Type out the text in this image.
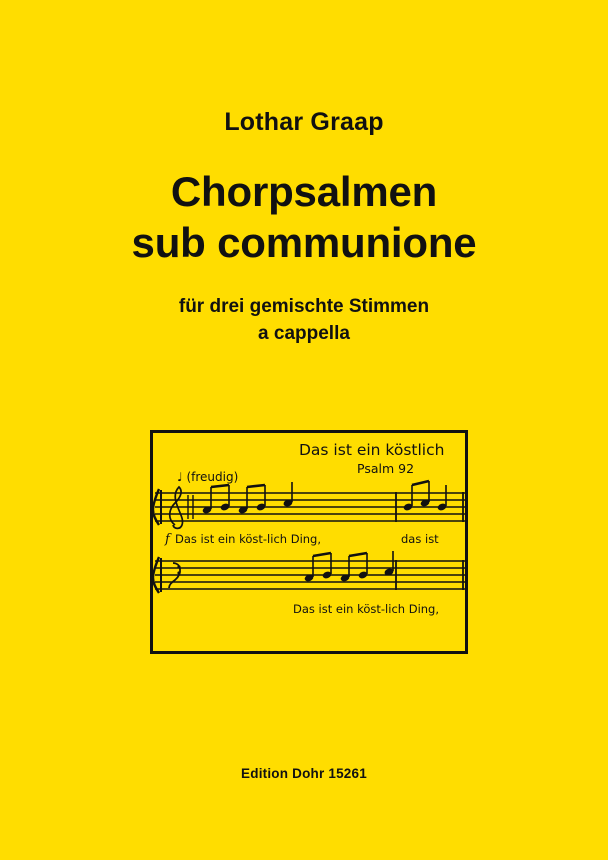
Lothar Graap
Chorpsalmen
sub communione
für drei gemischte Stimmen
a cappella
Das ist ein köstlich
Psalm 92
♩ (freudig)
f Das ist ein köst-lich Ding,	das ist
Das ist ein köst-lich Ding,
Edition Dohr 15261
